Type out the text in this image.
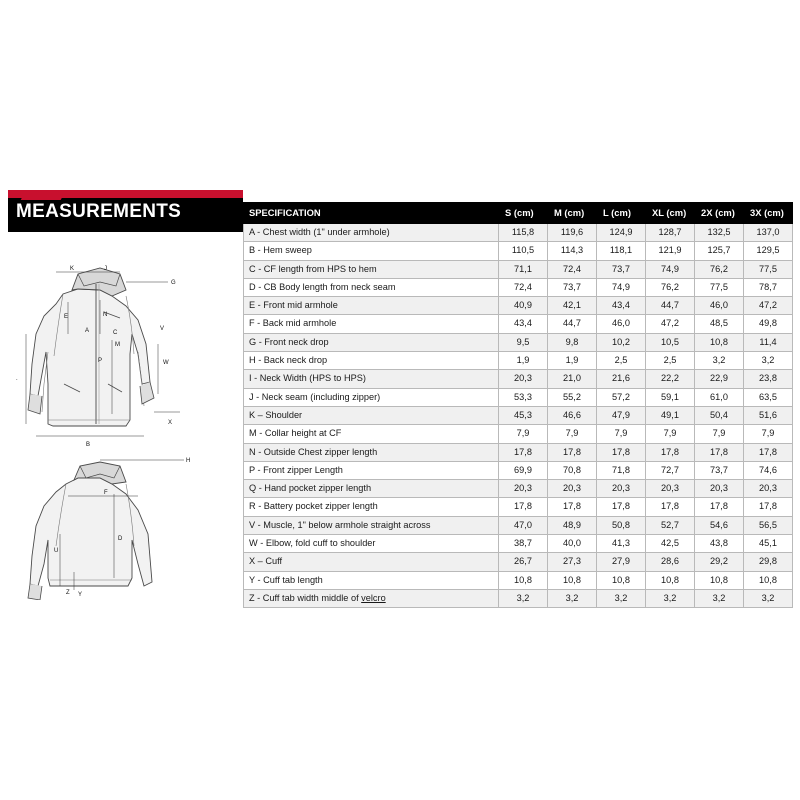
MEASUREMENTS
K	J
G
E	N
A	C
V
W
P
M
B
X
.
H
F
U
D
Z Y
SPECIFICATION	S (cm)	M (cm)	L (cm)	XL (cm)	2X (cm)	3X (cm)
A - Chest width (1" under armhole)	115,8	119,6	124,9	128,7	132,5	137,0
B - Hem sweep	110,5	114,3	118,1	121,9	125,7	129,5
C - CF length from HPS to hem	71,1	72,4	73,7	74,9	76,2	77,5
D - CB Body length from neck seam	72,4	73,7	74,9	76,2	77,5	78,7
E - Front mid armhole	40,9	42,1	43,4	44,7	46,0	47,2
F - Back mid armhole	43,4	44,7	46,0	47,2	48,5	49,8
G - Front neck drop	9,5	9,8	10,2	10,5	10,8	11,4
H - Back neck drop	1,9	1,9	2,5	2,5	3,2	3,2
I - Neck Width (HPS to HPS)	20,3	21,0	21,6	22,2	22,9	23,8
J - Neck seam (including zipper)	53,3	55,2	57,2	59,1	61,0	63,5
K – Shoulder	45,3	46,6	47,9	49,1	50,4	51,6
M - Collar height at CF	7,9	7,9	7,9	7,9	7,9	7,9
N - Outside Chest zipper length	17,8	17,8	17,8	17,8	17,8	17,8
P - Front zipper Length	69,9	70,8	71,8	72,7	73,7	74,6
Q - Hand pocket zipper length	20,3	20,3	20,3	20,3	20,3	20,3
R - Battery pocket zipper length	17,8	17,8	17,8	17,8	17,8	17,8
V - Muscle, 1" below armhole straight across	47,0	48,9	50,8	52,7	54,6	56,5
W - Elbow, fold cuff to shoulder	38,7	40,0	41,3	42,5	43,8	45,1
X – Cuff	26,7	27,3	27,9	28,6	29,2	29,8
Y - Cuff tab length	10,8	10,8	10,8	10,8	10,8	10,8
Z - Cuff tab width middle of velcro	3,2	3,2	3,2	3,2	3,2	3,2
